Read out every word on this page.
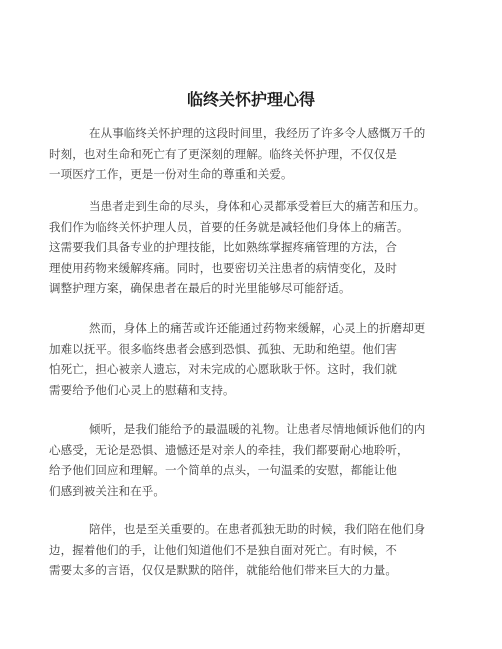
临终关怀护理心得

在从事临终关怀护理的这段时间里，我经历了许多令人感慨万千的
时刻，也对生命和死亡有了更深刻的理解。临终关怀护理，不仅仅是
一项医疗工作，更是一份对生命的尊重和关爱。

当患者走到生命的尽头，身体和心灵都承受着巨大的痛苦和压力。
我们作为临终关怀护理人员，首要的任务就是减轻他们身体上的痛苦。
这需要我们具备专业的护理技能，比如熟练掌握疼痛管理的方法，合
理使用药物来缓解疼痛。同时，也要密切关注患者的病情变化，及时
调整护理方案，确保患者在最后的时光里能够尽可能舒适。

然而，身体上的痛苦或许还能通过药物来缓解，心灵上的折磨却更
加难以抚平。很多临终患者会感到恐惧、孤独、无助和绝望。他们害
怕死亡，担心被亲人遗忘，对未完成的心愿耿耿于怀。这时，我们就
需要给予他们心灵上的慰藉和支持。

倾听，是我们能给予的最温暖的礼物。让患者尽情地倾诉他们的内
心感受，无论是恐惧、遗憾还是对亲人的牵挂，我们都要耐心地聆听，
给予他们回应和理解。一个简单的点头，一句温柔的安慰，都能让他
们感到被关注和在乎。

陪伴，也是至关重要的。在患者孤独无助的时候，我们陪在他们身
边，握着他们的手，让他们知道他们不是独自面对死亡。有时候，不
需要太多的言语，仅仅是默默的陪伴，就能给他们带来巨大的力量。
